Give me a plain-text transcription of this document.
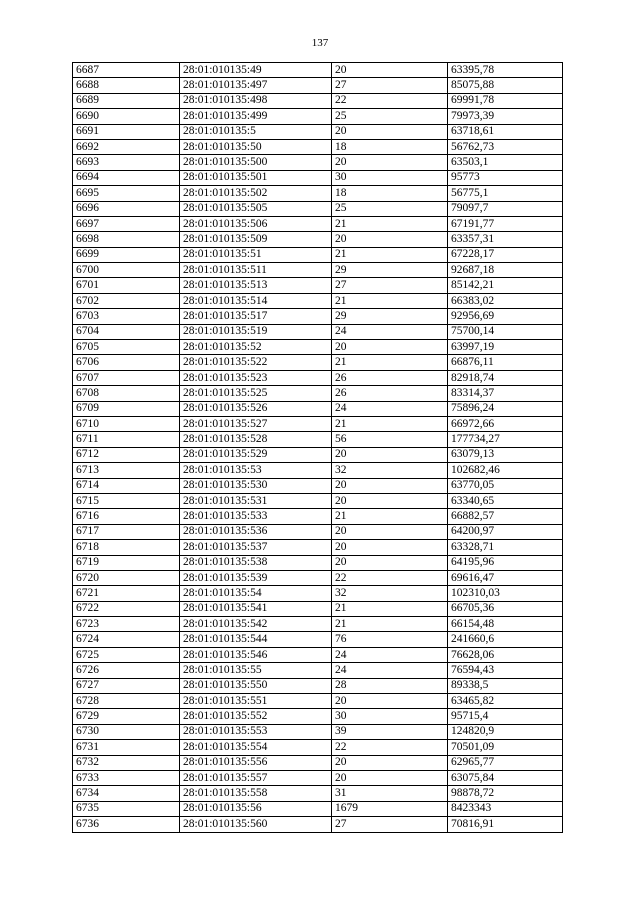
137
6687	28:01:010135:49	20	63395,78
6688	28:01:010135:497	27	85075,88
6689	28:01:010135:498	22	69991,78
6690	28:01:010135:499	25	79973,39
6691	28:01:010135:5	20	63718,61
6692	28:01:010135:50	18	56762,73
6693	28:01:010135:500	20	63503,1
6694	28:01:010135:501	30	95773
6695	28:01:010135:502	18	56775,1
6696	28:01:010135:505	25	79097,7
6697	28:01:010135:506	21	67191,77
6698	28:01:010135:509	20	63357,31
6699	28:01:010135:51	21	67228,17
6700	28:01:010135:511	29	92687,18
6701	28:01:010135:513	27	85142,21
6702	28:01:010135:514	21	66383,02
6703	28:01:010135:517	29	92956,69
6704	28:01:010135:519	24	75700,14
6705	28:01:010135:52	20	63997,19
6706	28:01:010135:522	21	66876,11
6707	28:01:010135:523	26	82918,74
6708	28:01:010135:525	26	83314,37
6709	28:01:010135:526	24	75896,24
6710	28:01:010135:527	21	66972,66
6711	28:01:010135:528	56	177734,27
6712	28:01:010135:529	20	63079,13
6713	28:01:010135:53	32	102682,46
6714	28:01:010135:530	20	63770,05
6715	28:01:010135:531	20	63340,65
6716	28:01:010135:533	21	66882,57
6717	28:01:010135:536	20	64200,97
6718	28:01:010135:537	20	63328,71
6719	28:01:010135:538	20	64195,96
6720	28:01:010135:539	22	69616,47
6721	28:01:010135:54	32	102310,03
6722	28:01:010135:541	21	66705,36
6723	28:01:010135:542	21	66154,48
6724	28:01:010135:544	76	241660,6
6725	28:01:010135:546	24	76628,06
6726	28:01:010135:55	24	76594,43
6727	28:01:010135:550	28	89338,5
6728	28:01:010135:551	20	63465,82
6729	28:01:010135:552	30	95715,4
6730	28:01:010135:553	39	124820,9
6731	28:01:010135:554	22	70501,09
6732	28:01:010135:556	20	62965,77
6733	28:01:010135:557	20	63075,84
6734	28:01:010135:558	31	98878,72
6735	28:01:010135:56	1679	8423343
6736	28:01:010135:560	27	70816,91
